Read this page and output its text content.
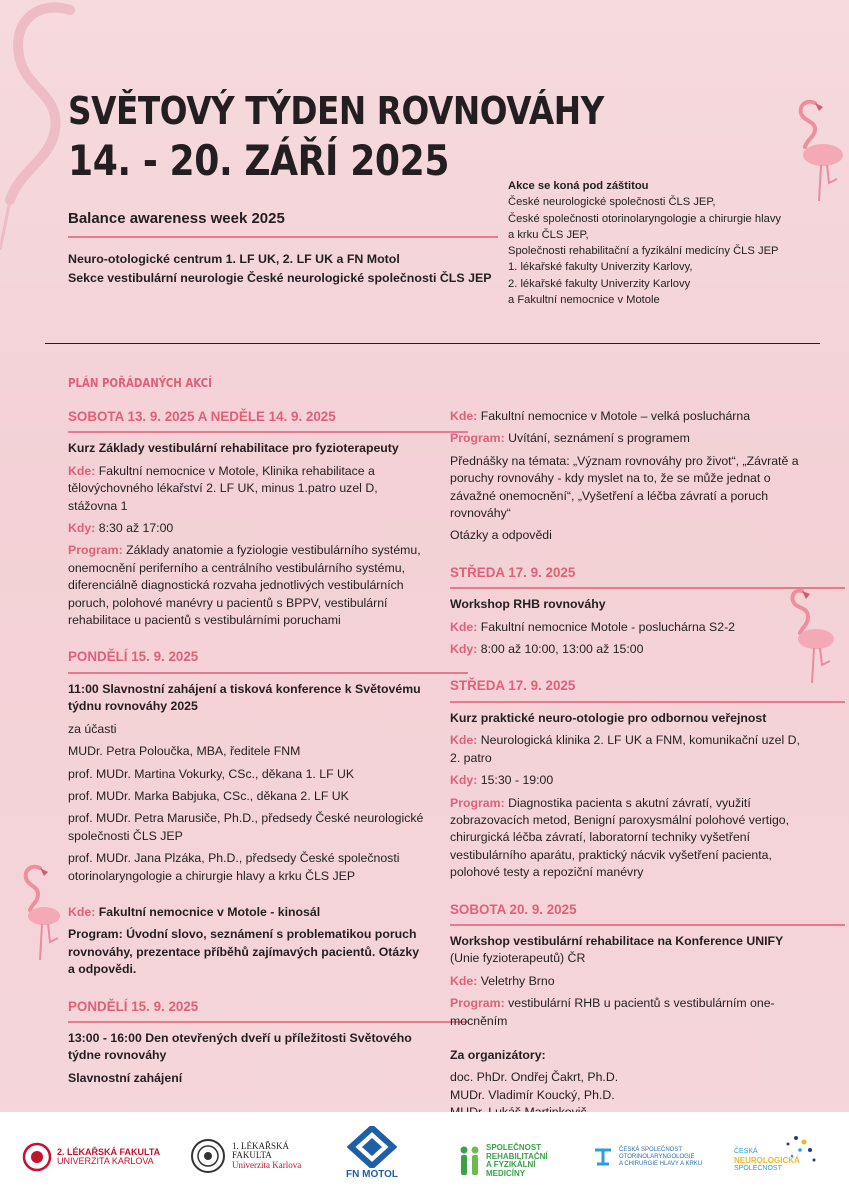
SVĚTOVÝ TÝDEN ROVNOVÁHY
14. - 20. ZÁŘÍ 2025
Balance awareness week 2025
Neuro-otologické centrum 1. LF UK, 2. LF UK a FN Motol
Sekce vestibulární neurologie České neurologické společnosti ČLS JEP
Akce se koná pod záštitou
České neurologické společnosti ČLS JEP,
České společnosti otorinolaryngologie a chirurgie hlavy
a krku ČLS JEP,
Společnosti rehabilitační a fyzikální medicíny ČLS JEP
1. lékařské fakulty Univerzity Karlovy,
2. lékařské fakulty Univerzity Karlovy
a Fakultní nemocnice v Motole
PLÁN POŘÁDANÝCH AKCÍ
SOBOTA 13. 9. 2025 A NEDĚLE 14. 9. 2025
Kurz Základy vestibulární rehabilitace pro fyzioterapeuty
Kde: Fakultní nemocnice v Motole, Klinika rehabilitace a tělovýchovného lékařství 2. LF UK, minus 1.patro uzel D, stážovna 1
Kdy: 8:30 až 17:00
Program: Základy anatomie a fyziologie vestibulárního systému, onemocnění periferního a centrálního vestibulárního systému, diferenciálně diagnostická rozvaha jednotlivých vestibulárních poruch, polohové manévry u pacientů s BPPV, vestibulární rehabilitace u pacientů s vestibulárními poruchami
PONDĚLÍ 15. 9. 2025
11:00 Slavnostní zahájení a tisková konference k Světovému týdnu rovnováhy 2025
za účasti
MUDr. Petra Poloučka, MBA, ředitele FNM
prof. MUDr. Martina Vokurky, CSc., děkana 1. LF UK
prof. MUDr. Marka Babjuka, CSc., děkana 2. LF UK
prof. MUDr. Petra Marusiče, Ph.D., předsedy České neurologické společnosti ČLS JEP
prof. MUDr. Jana Plzáka, Ph.D., předsedy České společnosti otorinolaryngologie a chirurgie hlavy a krku ČLS JEP
Kde: Fakultní nemocnice v Motole - kinosál
Program: Úvodní slovo, seznámení s problematikou poruch rovnováhy, prezentace příběhů zajímavých pacientů. Otázky a odpovědi.
PONDĚLÍ 15. 9. 2025
13:00 - 16:00 Den otevřených dveří u příležitosti Světového týdne rovnováhy
Slavnostní zahájení
Kde: Fakultní nemocnice v Motole – velká posluchárna
Program: Uvítání, seznámení s programem
Přednášky na témata: „Význam rovnováhy pro život“, „Závratě a poruchy rovnováhy - kdy myslet na to, že se může jednat o závažné onemocnění“, „Vyšetření a léčba závratí a poruch rovnováhy“
Otázky a odpovědi
STŘEDA 17. 9. 2025
Workshop RHB rovnováhy
Kde: Fakultní nemocnice Motole - posluchárna S2-2
Kdy: 8:00 až 10:00, 13:00 až 15:00
STŘEDA 17. 9. 2025
Kurz praktické neuro-otologie pro odbornou veřejnost
Kde: Neurologická klinika 2. LF UK a FNM, komunikační uzel D, 2. patro
Kdy: 15:30 - 19:00
Program: Diagnostika pacienta s akutní závratí, využití zobrazovacích metod, Benigní paroxysmální polohové vertigo, chirurgická léčba závratí, laboratorní techniky vyšetření vestibulárního aparátu, praktický nácvik vyšetření pacienta, polohové testy a repoziční manévry
SOBOTA 20. 9. 2025
Workshop vestibulární rehabilitace na Konference UNIFY
(Unie fyzioterapeutů) ČR
Kde: Veletrhy Brno
Program: vestibulární RHB u pacientů s vestibulárním one-mocněním
Za organizátory:
doc. PhDr. Ondřej Čakrt, Ph.D.
MUDr. Vladimír Koucký, Ph.D.
2. LÉKAŘSKÁ FAKULTA
UNIVERZITA KARLOVA
1. LÉKAŘSKÁ
FAKULTA
Univerzita Karlova
FN MOTOL
SPOLEČNOST
REHABILITAČNÍ
A FYZIKÁLNÍ
MEDICÍNY
ČESKÁ SPOLEČNOST
OTORINOLARYNGOLOGIE
A CHIRURGIE HLAVY A KRKU
ČESKÁ
NEUROLOGICKÁ
SPOLEČNOST
